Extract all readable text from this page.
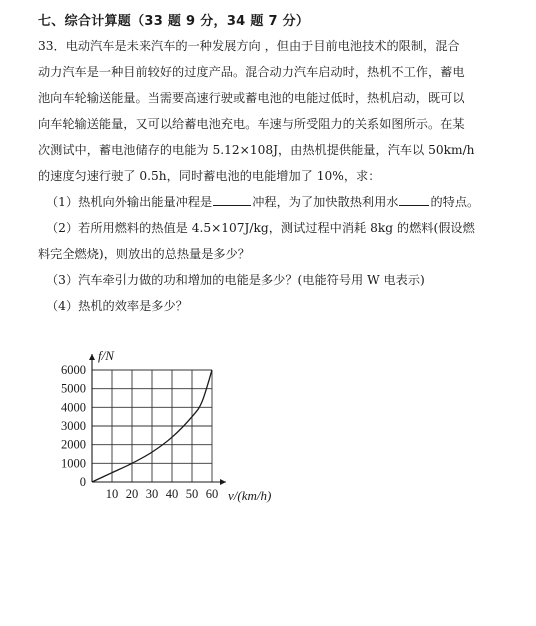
七、综合计算题（33 题 9 分，34 题 7 分）
33．电动汽车是未来汽车的一种发展方向 ，但由于目前电池技术的限制，混合
动力汽车是一种目前较好的过度产品。混合动力汽车启动时，热机不工作，蓄电
池向车轮输送能量。当需要高速行驶或蓄电池的电能过低时，热机启动，既可以
向车轮输送能量，又可以给蓄电池充电。车速与所受阻力的关系如图所示。在某
次测试中，蓄电池储存的电能为 5.12×108J，由热机提供能量，汽车以 50km/h
的速度匀速行驶了 0.5h，同时蓄电池的电能增加了 10%，求：
（1）热机向外输出能量冲程是	冲程，为了加快散热利用水	的特点。
（2）若所用燃料的热值是 4.5×107J/kg，测试过程中消耗 8kg 的燃料(假设燃
料完全燃烧)，则放出的总热量是多少？
（3）汽车牵引力做的功和增加的电能是多少？(电能符号用 W 电表示)
（4）热机的效率是多少？
0
1000
2000
3000
4000
5000
6000
10 20 30 40 50 60
f/N
v/(km/h)
